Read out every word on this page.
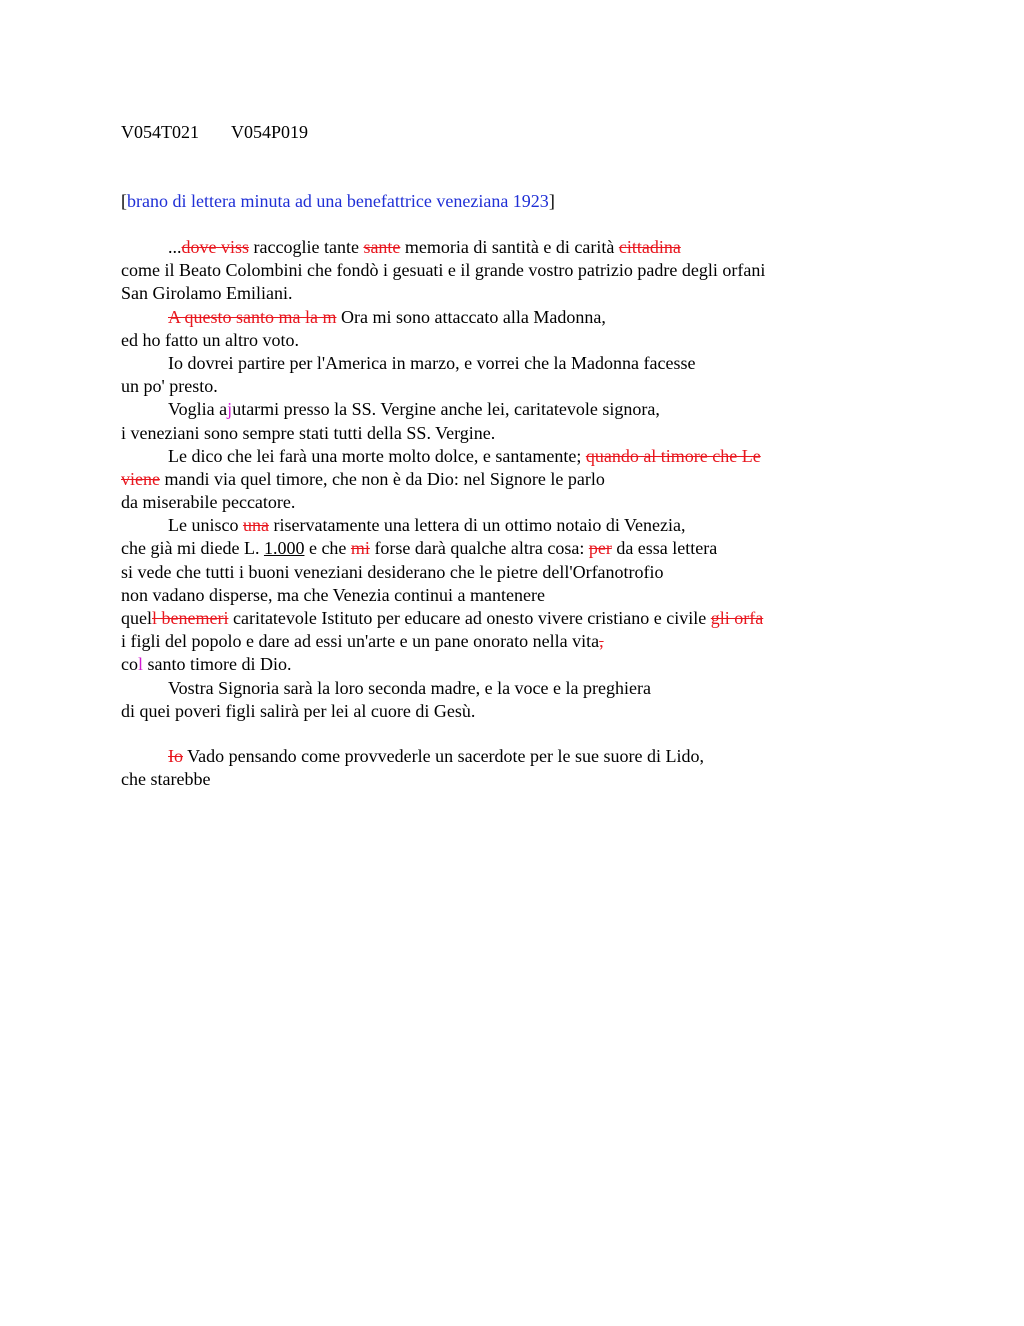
V054T021 V054P019
[brano di lettera minuta ad una benefattrice veneziana 1923]
...dove viss raccoglie tante sante memoria di santità e di carità cittadina
come il Beato Colombini che fondò i gesuati e il grande vostro patrizio padre degli orfani
San Girolamo Emiliani.
A questo santo ma la m Ora mi sono attaccato alla Madonna,
ed ho fatto un altro voto.
Io dovrei partire per l'America in marzo, e vorrei che la Madonna facesse
un po' presto.
Voglia ajutarmi presso la SS. Vergine anche lei, caritatevole signora,
i veneziani sono sempre stati tutti della SS. Vergine.
Le dico che lei farà una morte molto dolce, e santamente; quando al timore che Le
viene mandi via quel timore, che non è da Dio: nel Signore le parlo
da miserabile peccatore.
Le unisco una riservatamente una lettera di un ottimo notaio di Venezia,
che già mi diede L. 1.000 e che mi forse darà qualche altra cosa: per da essa lettera
si vede che tutti i buoni veneziani desiderano che le pietre dell'Orfanotrofio
non vadano disperse, ma che Venezia continui a mantenere
quell benemeri caritatevole Istituto per educare ad onesto vivere cristiano e civile gli orfa
i figli del popolo e dare ad essi un'arte e un pane onorato nella vita,
col santo timore di Dio.
Vostra Signoria sarà la loro seconda madre, e la voce e la preghiera
di quei poveri figli salirà per lei al cuore di Gesù.
Io Vado pensando come provvederle un sacerdote per le sue suore di Lido,
che starebbe
